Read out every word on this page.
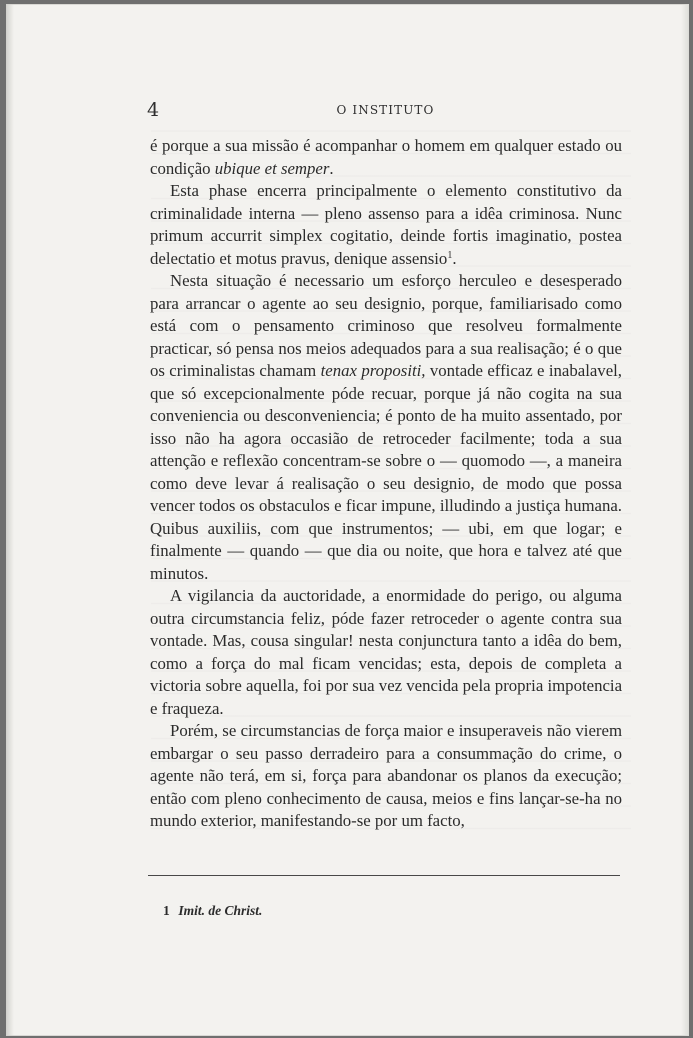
4	O INSTITUTO

é porque a sua missão é acompanhar o homem em qualquer estado ou condição ubique et semper.

Esta phase encerra principalmente o elemento constitutivo da criminalidade interna — pleno assenso para a idêa criminosa. Nunc primum accurrit simplex cogitatio, deinde fortis imaginatio, postea delectatio et motus pravus, denique assensio$^1$.

Nesta situação é necessario um esforço herculeo e desesperado para arrancar o agente ao seu designio, porque, familiarisado como está com o pensamento criminoso que resolveu formalmente practicar, só pensa nos meios adequados para a sua realisação; é o que os criminalistas chamam tenax propositi, vontade efficaz e inabalavel, que só excepcionalmente póde recuar, porque já não cogita na sua conveniencia ou desconveniencia; é ponto de ha muito assentado, por isso não ha agora occasião de retroceder facilmente; toda a sua attenção e reflexão concentram-se sobre o — quomodo —, a maneira como deve levar á realisação o seu designio, de modo que possa vencer todos os obstaculos e ficar impune, illudindo a justiça humana. Quibus auxiliis, com que instrumentos; — ubi, em que logar; e finalmente — quando — que dia ou noite, que hora e talvez até que minutos.

A vigilancia da auctoridade, a enormidade do perigo, ou alguma outra circumstancia feliz, póde fazer retroceder o agente contra sua vontade. Mas, cousa singular! nesta conjunctura tanto a idêa do bem, como a força do mal ficam vencidas; esta, depois de completa a victoria sobre aquella, foi por sua vez vencida pela propria impotencia e fraqueza.

Porém, se circumstancias de força maior e insuperaveis não vierem embargar o seu passo derradeiro para a consummação do crime, o agente não terá, em si, força para abandonar os planos da execução; então com pleno conhecimento de causa, meios e fins lançar-se-ha no mundo exterior, manifestando-se por um facto,

1 Imit. de Christ.
